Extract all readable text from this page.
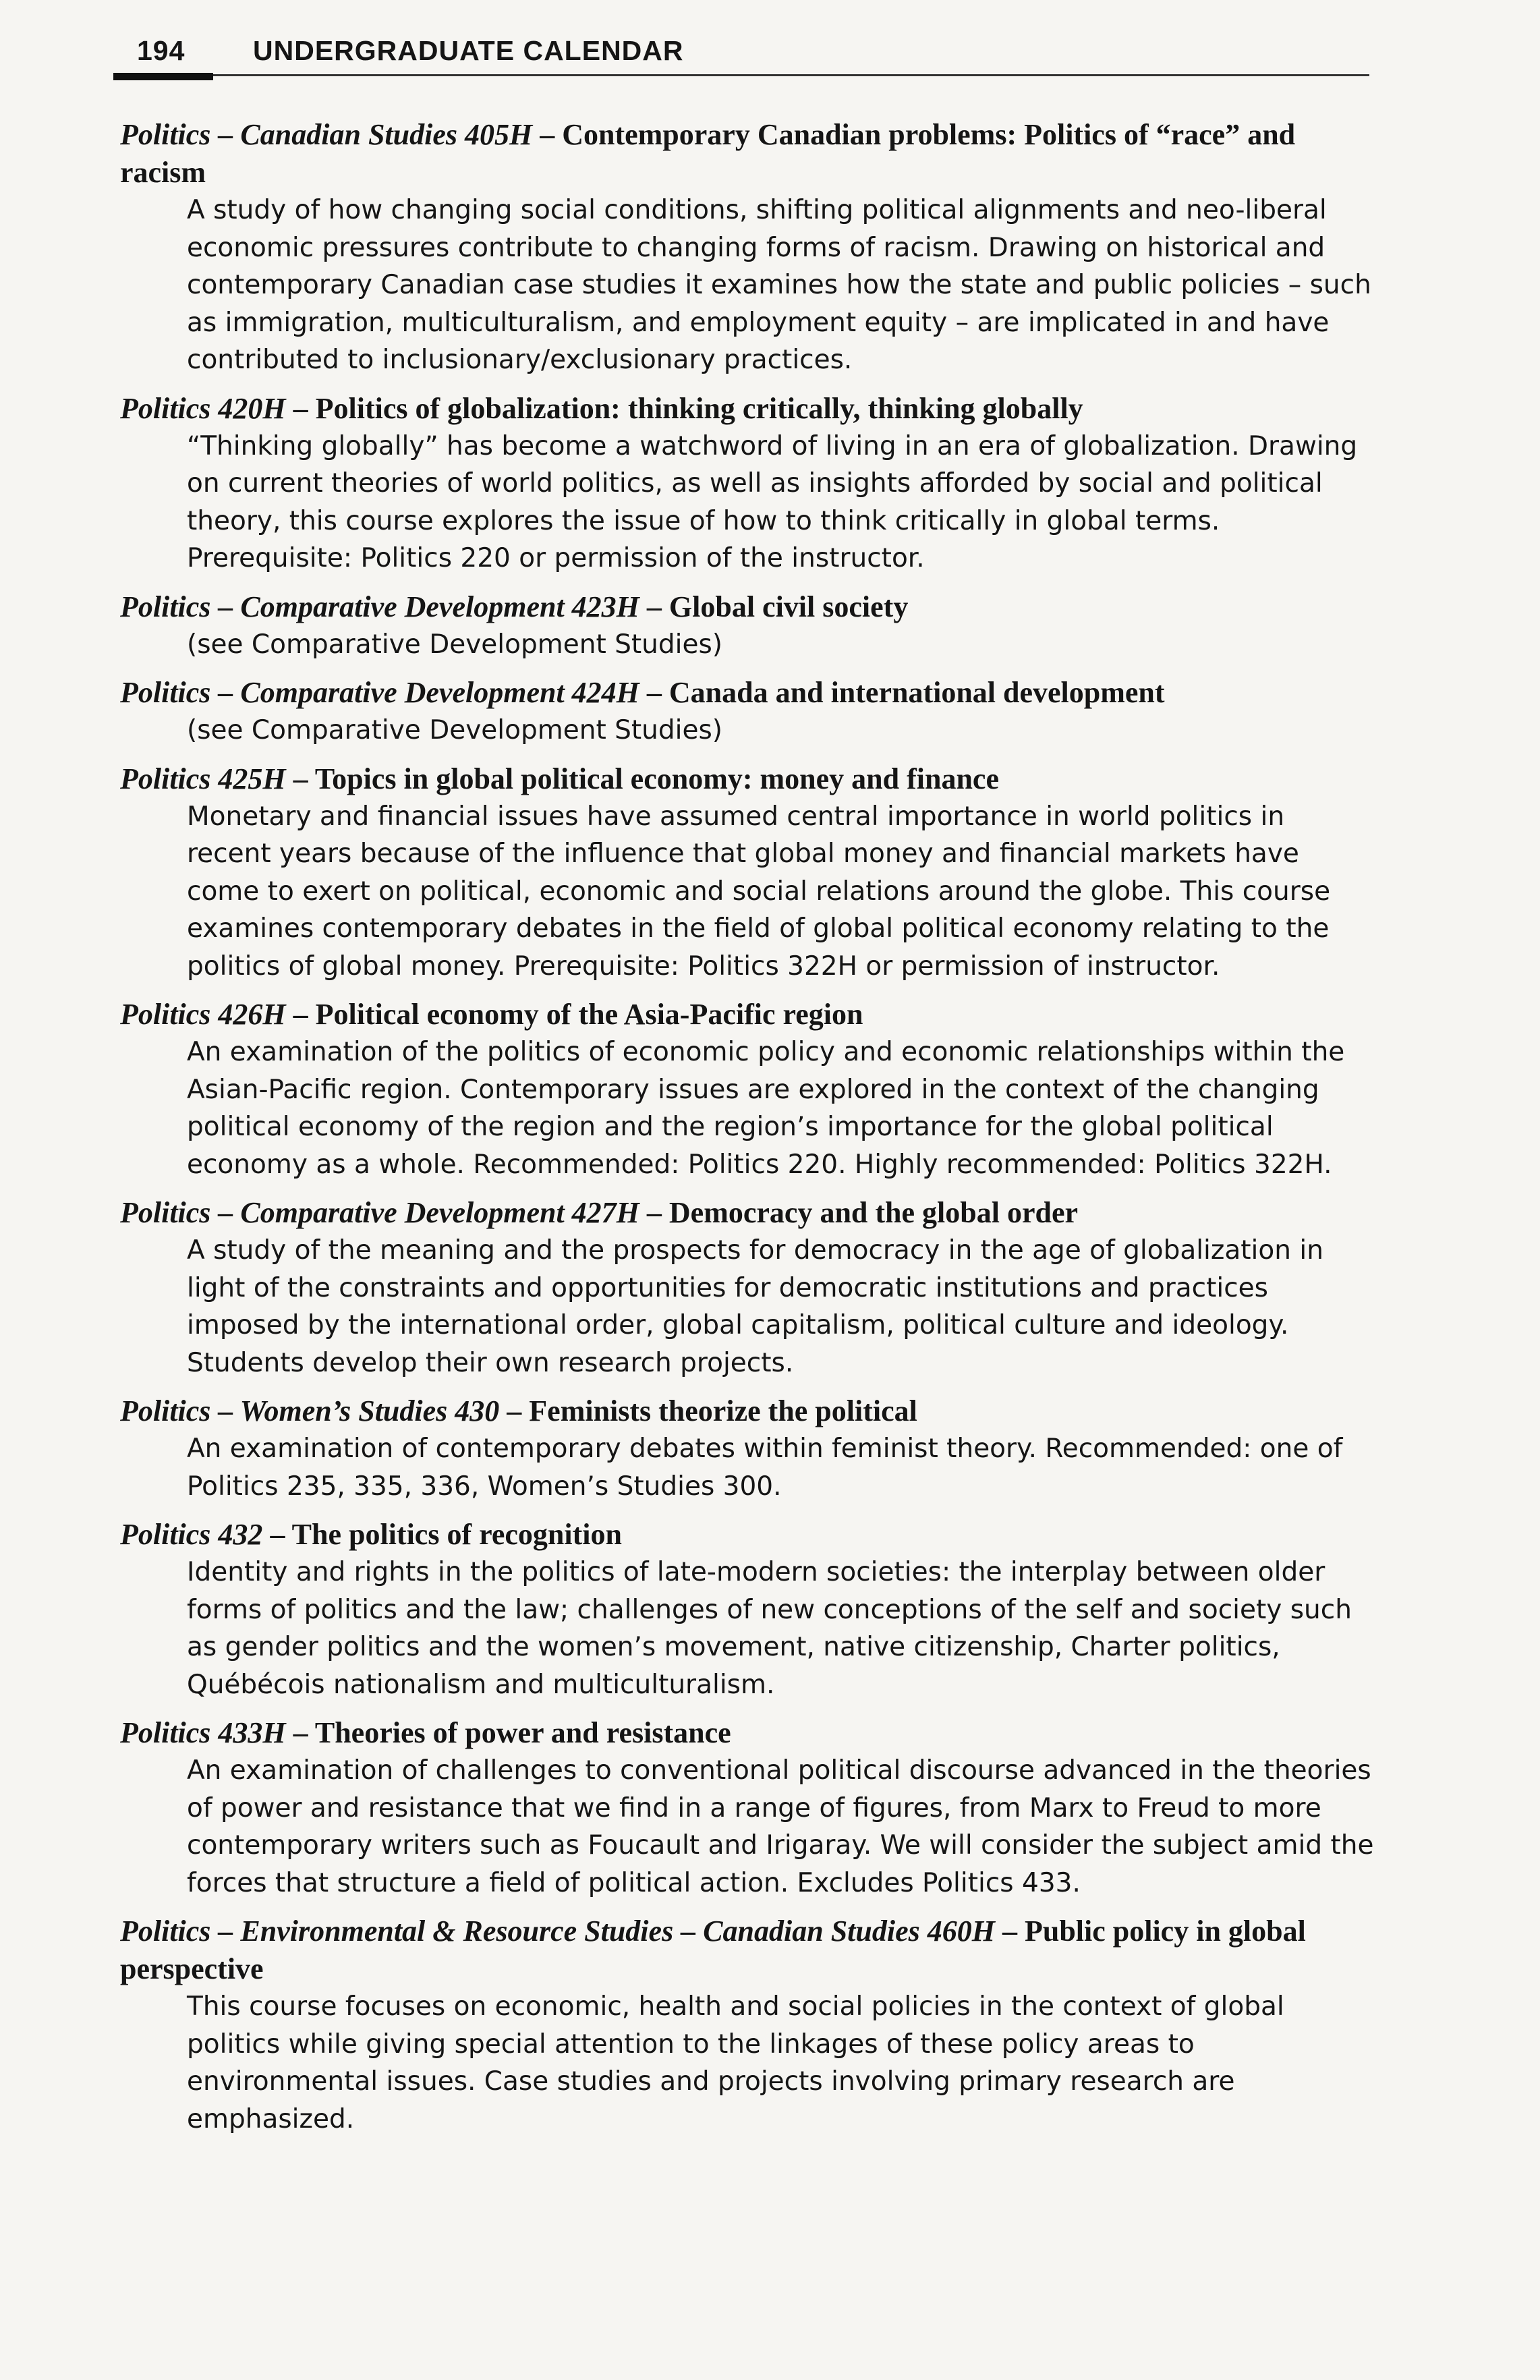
194 UNDERGRADUATE CALENDAR
Politics – Canadian Studies 405H – Contemporary Canadian problems: Politics of “race” and racism
A study of how changing social conditions, shifting political alignments and neo-liberal economic pressures contribute to changing forms of racism. Drawing on historical and contemporary Canadian case studies it examines how the state and public policies – such as immigration, multiculturalism, and employment equity – are implicated in and have contributed to inclusionary/exclusionary practices.
Politics 420H – Politics of globalization: thinking critically, thinking globally
“Thinking globally” has become a watchword of living in an era of globalization. Drawing on current theories of world politics, as well as insights afforded by social and political theory, this course explores the issue of how to think critically in global terms. Prerequisite: Politics 220 or permission of the instructor.
Politics – Comparative Development 423H – Global civil society
(see Comparative Development Studies)
Politics – Comparative Development 424H – Canada and international development
(see Comparative Development Studies)
Politics 425H – Topics in global political economy: money and finance
Monetary and financial issues have assumed central importance in world politics in recent years because of the influence that global money and financial markets have come to exert on political, economic and social relations around the globe. This course examines contemporary debates in the field of global political economy relating to the politics of global money. Prerequisite: Politics 322H or permission of instructor.
Politics 426H – Political economy of the Asia-Pacific region
An examination of the politics of economic policy and economic relationships within the Asian-Pacific region. Contemporary issues are explored in the context of the changing political economy of the region and the region’s importance for the global political economy as a whole. Recommended: Politics 220. Highly recommended: Politics 322H.
Politics – Comparative Development 427H – Democracy and the global order
A study of the meaning and the prospects for democracy in the age of globalization in light of the constraints and opportunities for democratic institutions and practices imposed by the international order, global capitalism, political culture and ideology. Students develop their own research projects.
Politics – Women’s Studies 430 – Feminists theorize the political
An examination of contemporary debates within feminist theory. Recommended: one of Politics 235, 335, 336, Women’s Studies 300.
Politics 432 – The politics of recognition
Identity and rights in the politics of late-modern societies: the interplay between older forms of politics and the law; challenges of new conceptions of the self and society such as gender politics and the women’s movement, native citizenship, Charter politics, Québécois nationalism and multiculturalism.
Politics 433H – Theories of power and resistance
An examination of challenges to conventional political discourse advanced in the theories of power and resistance that we find in a range of figures, from Marx to Freud to more contemporary writers such as Foucault and Irigaray. We will consider the subject amid the forces that structure a field of political action. Excludes Politics 433.
Politics – Environmental & Resource Studies – Canadian Studies 460H – Public policy in global perspective
This course focuses on economic, health and social policies in the context of global politics while giving special attention to the linkages of these policy areas to environmental issues. Case studies and projects involving primary research are emphasized.
